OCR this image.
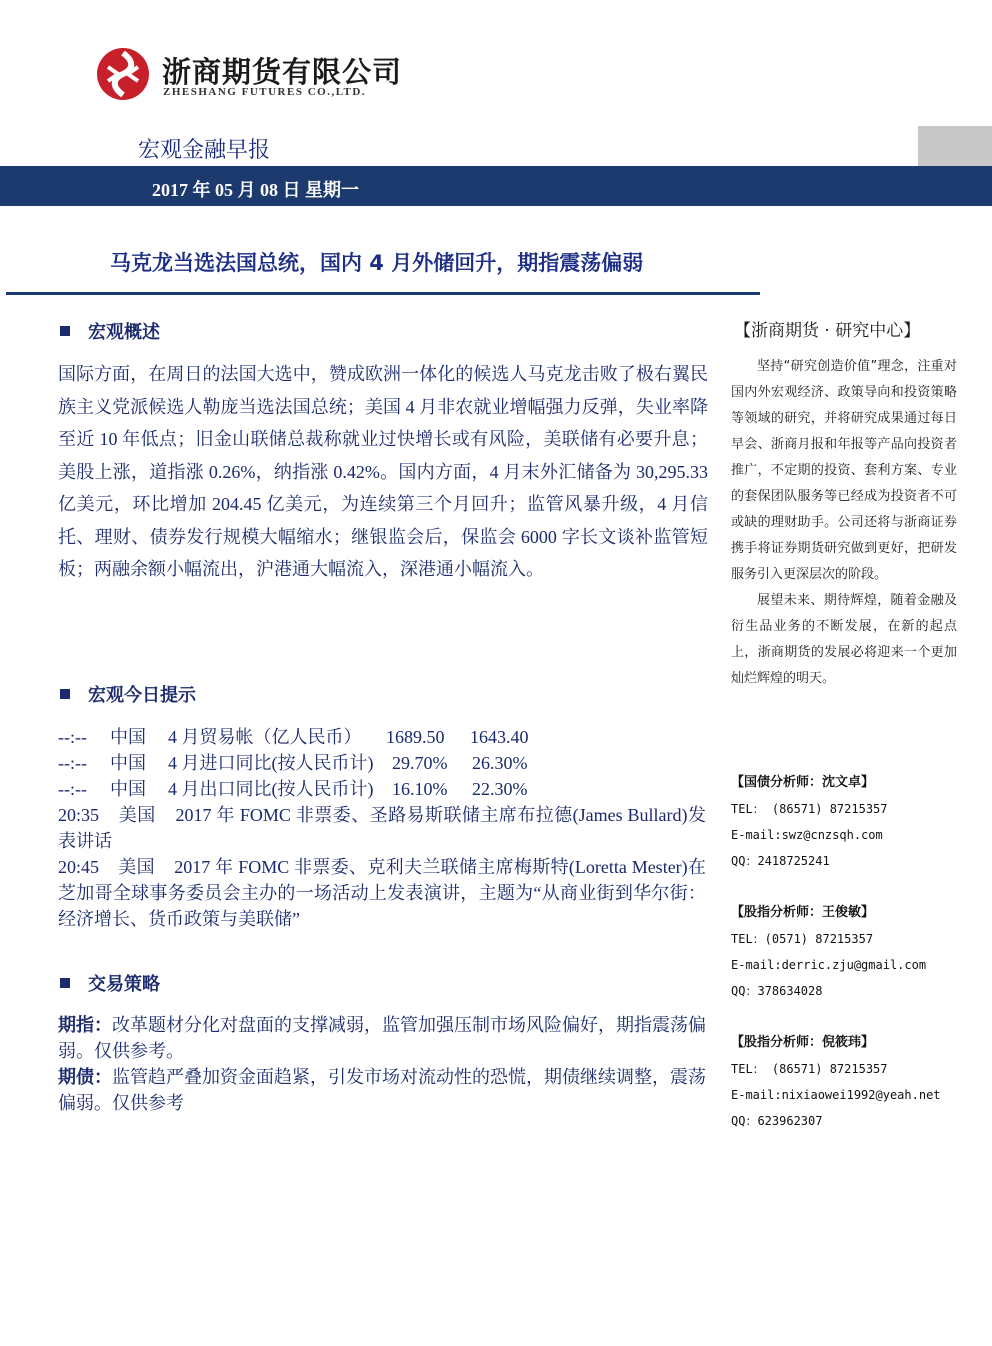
浙商期货有限公司
ZHESHANG FUTURES CO.,LTD.
宏观金融早报
2017 年 05 月 08 日 星期一
马克龙当选法国总统，国内 4 月外储回升，期指震荡偏弱
宏观概述
国际方面，在周日的法国大选中，赞成欧洲一体化的候选人马克龙击败了极右翼民族主义党派候选人勒庞当选法国总统；美国 4 月非农就业增幅强力反弹，失业率降至近 10 年低点；旧金山联储总裁称就业过快增长或有风险，美联储有必要升息；美股上涨，道指涨 0.26%，纳指涨 0.42%。国内方面，4 月末外汇储备为 30,295.33 亿美元，环比增加 204.45 亿美元，为连续第三个月回升；监管风暴升级，4 月信托、理财、债券发行规模大幅缩水；继银监会后，保监会 6000 字长文谈补监管短板；两融余额小幅流出，沪港通大幅流入，深港通小幅流入。
宏观今日提示
--:-- 中国 4 月贸易帐（亿人民币） 1689.50 1643.40
--:-- 中国 4 月进口同比(按人民币计) 29.70% 26.30%
--:-- 中国 4 月出口同比(按人民币计) 16.10% 22.30%
20:35    美国    2017 年 FOMC 非票委、圣路易斯联储主席布拉德(James Bullard)发表讲话
20:45    美国    2017 年 FOMC 非票委、克利夫兰联储主席梅斯特(Loretta Mester)在芝加哥全球事务委员会主办的一场活动上发表演讲，主题为“从商业街到华尔街：经济增长、货币政策与美联储”
交易策略
期指：改革题材分化对盘面的支撑减弱，监管加强压制市场风险偏好，期指震荡偏弱。仅供参考。
期债：监管趋严叠加资金面趋紧，引发市场对流动性的恐慌，期债继续调整，震荡偏弱。仅供参考
【浙商期货 · 研究中心】

坚持“研究创造价值”理念，注重对国内外宏观经济、政策导向和投资策略等领域的研究，并将研究成果通过每日早会、浙商月报和年报等产品向投资者推广，不定期的投资、套利方案、专业的套保团队服务等已经成为投资者不可或缺的理财助手。公司还将与浙商证券携手将证券期货研究做到更好，把研发服务引入更深层次的阶段。

展望未来、期待辉煌，随着金融及衍生品业务的不断发展，在新的起点上，浙商期货的发展必将迎来一个更加灿烂辉煌的明天。

【国债分析师：沈文卓】
TEL： (86571) 87215357
E-mail:swz@cnzsqh.com
QQ：2418725241
【股指分析师：王俊敏】
TEL：(0571) 87215357
E-mail:derric.zju@gmail.com
QQ：378634028
【股指分析师：倪筱玮】
TEL： (86571) 87215357
E-mail:nixiaowei1992@yeah.net
QQ：623962307
